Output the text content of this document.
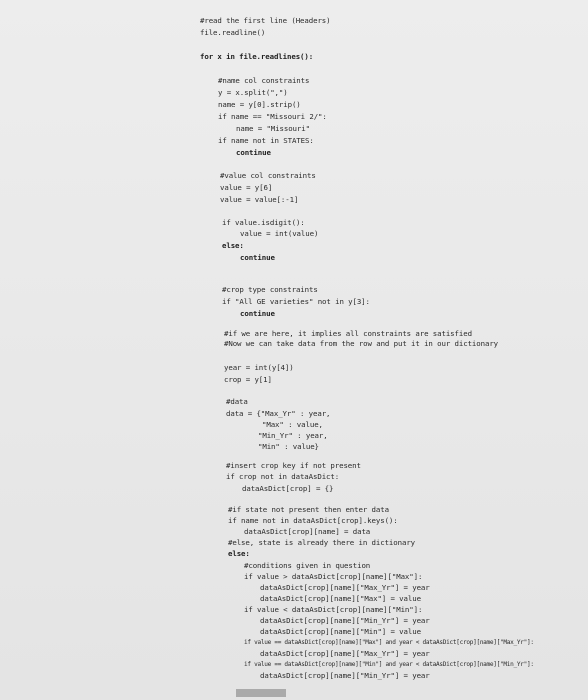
#read the first line (Headers)
file.readline()
for x in file.readlines():
#name col constraints
y = x.split(",")
name = y[0].strip()
if name == "Missouri 2/":
name = "Missouri"
if name not in STATES:
continue
#value col constraints
value = y[6]
value = value[:-1]
if value.isdigit():
value = int(value)
else:
continue
#crop type constraints
if "All GE varieties" not in y[3]:
continue
#if we are here, it implies all constraints are satisfied
#Now we can take data from the row and put it in our dictionary
year = int(y[4])
crop = y[1]
#data
data = {"Max_Yr" : year,
"Max" : value,
"Min_Yr" : year,
"Min" : value}
#insert crop key if not present
if crop not in dataAsDict:
dataAsDict[crop] = {}
#if state not present then enter data
if name not in dataAsDict[crop].keys():
dataAsDict[crop][name] = data
#else, state is already there in dictionary
else:
#conditions given in question
if value > dataAsDict[crop][name]["Max"]:
dataAsDict[crop][name]["Max_Yr"] = year
dataAsDict[crop][name]["Max"] = value
if value < dataAsDict[crop][name]["Min"]:
dataAsDict[crop][name]["Min_Yr"] = year
dataAsDict[crop][name]["Min"] = value
if value == dataAsDict[crop][name]["Max"] and year < dataAsDict[crop][name]["Max_Yr"]:
dataAsDict[crop][name]["Max_Yr"] = year
if value == dataAsDict[crop][name]["Min"] and year < dataAsDict[crop][name]["Min_Yr"]:
dataAsDict[crop][name]["Min_Yr"] = year
